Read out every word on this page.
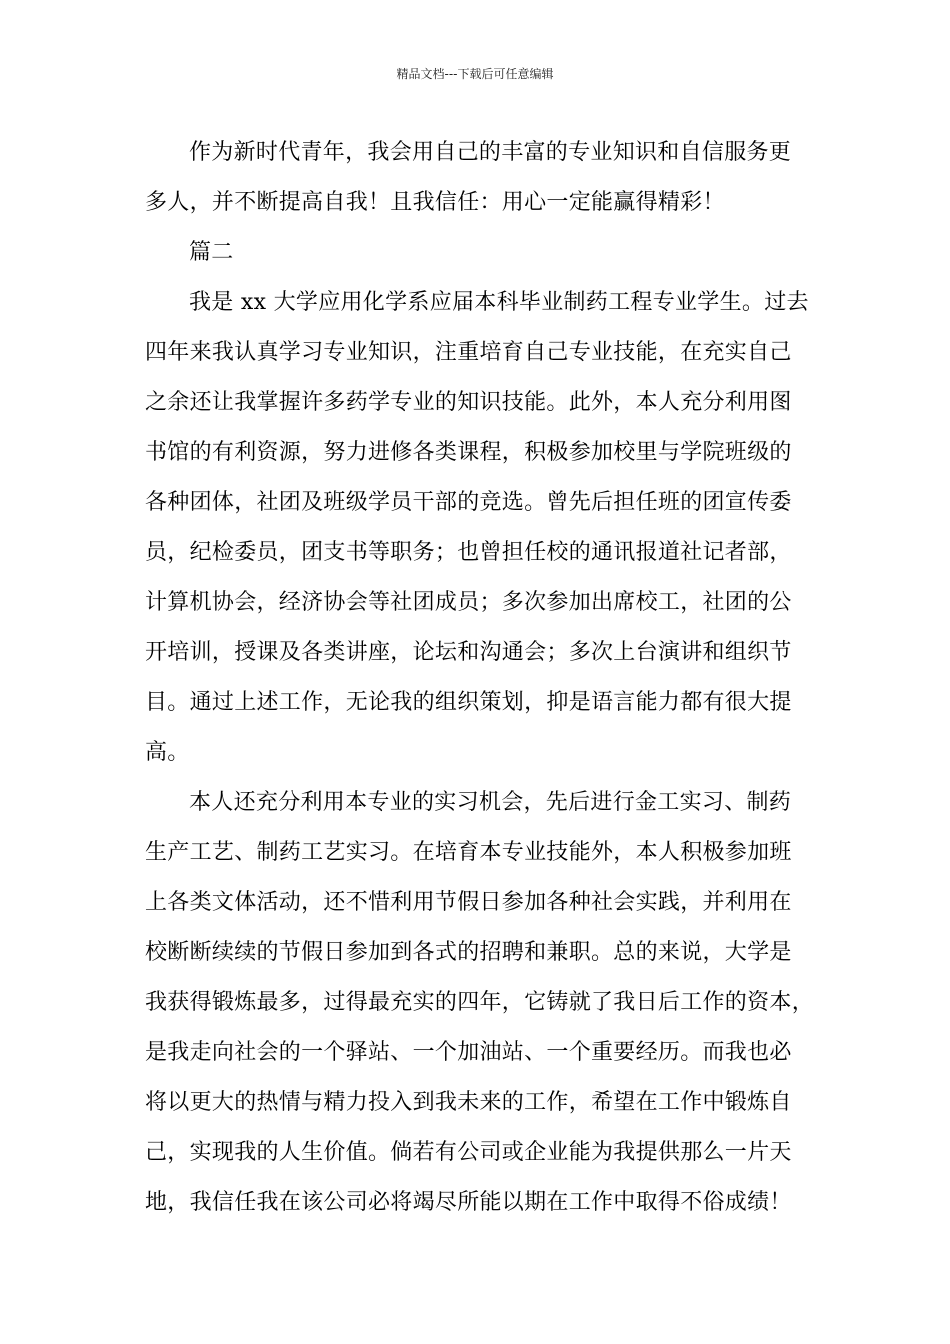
精品文档---下载后可任意编辑
作为新时代青年，我会用自己的丰富的专业知识和自信服务更
多人，并不断提高自我！且我信任：用心一定能赢得精彩！
篇二
我是 xx 大学应用化学系应届本科毕业制药工程专业学生。过去
四年来我认真学习专业知识，注重培育自己专业技能，在充实自己
之余还让我掌握许多药学专业的知识技能。此外，本人充分利用图
书馆的有利资源，努力进修各类课程，积极参加校里与学院班级的
各种团体，社团及班级学员干部的竞选。曾先后担任班的团宣传委
员，纪检委员，团支书等职务；也曾担任校的通讯报道社记者部，
计算机协会，经济协会等社团成员；多次参加出席校工，社团的公
开培训，授课及各类讲座，论坛和沟通会；多次上台演讲和组织节
目。通过上述工作，无论我的组织策划，抑是语言能力都有很大提
高。
本人还充分利用本专业的实习机会，先后进行金工实习、制药
生产工艺、制药工艺实习。在培育本专业技能外，本人积极参加班
上各类文体活动，还不惜利用节假日参加各种社会实践，并利用在
校断断续续的节假日参加到各式的招聘和兼职。总的来说，大学是
我获得锻炼最多，过得最充实的四年，它铸就了我日后工作的资本，
是我走向社会的一个驿站、一个加油站、一个重要经历。而我也必
将以更大的热情与精力投入到我未来的工作，希望在工作中锻炼自
己，实现我的人生价值。倘若有公司或企业能为我提供那么一片天
地，我信任我在该公司必将竭尽所能以期在工作中取得不俗成绩！
